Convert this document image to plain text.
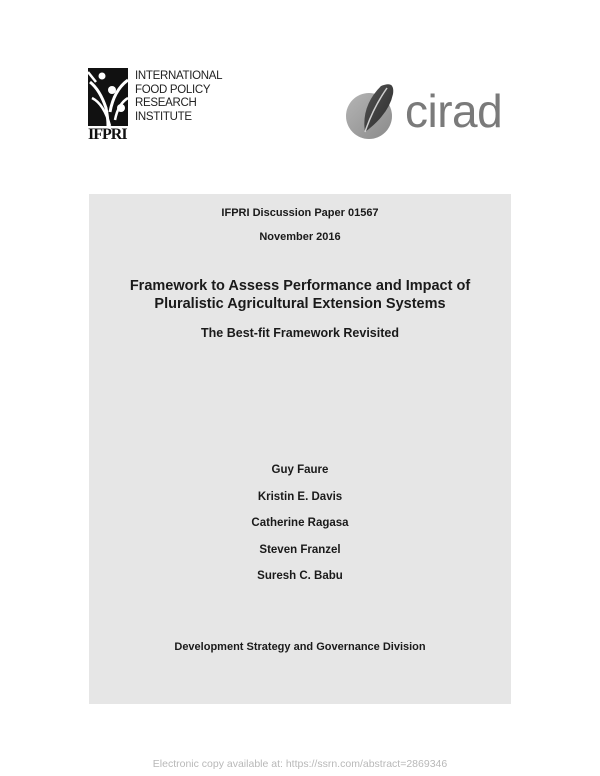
IFPRI
INTERNATIONAL
FOOD POLICY
RESEARCH
INSTITUTE	cirad
IFPRI Discussion Paper 01567
November 2016
Framework to Assess Performance and Impact of
Pluralistic Agricultural Extension Systems
The Best-fit Framework Revisited
Guy Faure
Kristin E. Davis
Catherine Ragasa
Steven Franzel
Suresh C. Babu
Development Strategy and Governance Division
Electronic copy available at: https://ssrn.com/abstract=2869346
